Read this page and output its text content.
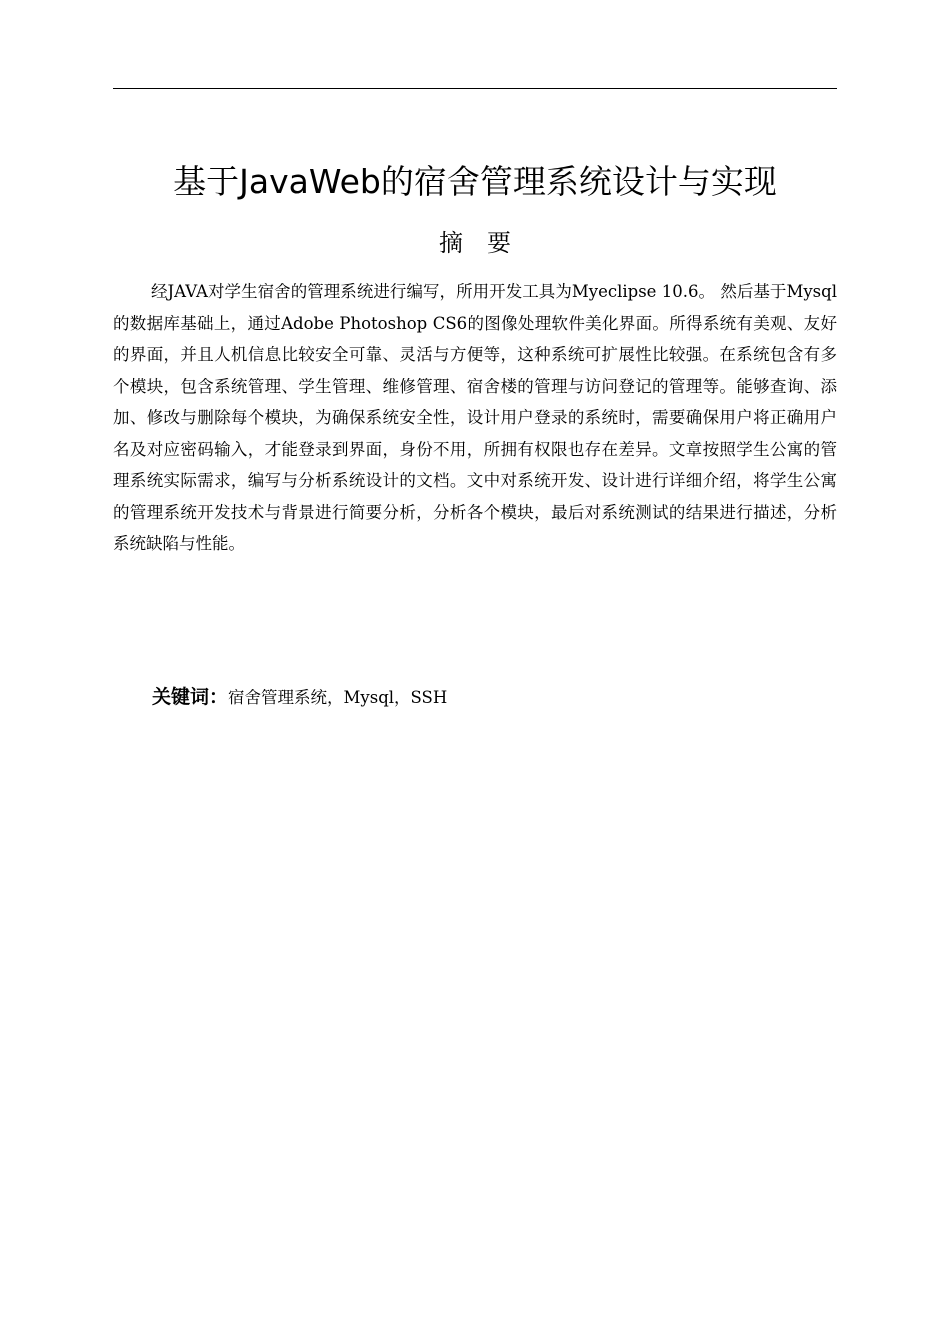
基于JavaWeb的宿舍管理系统设计与实现
摘要

经JAVA对学生宿舍的管理系统进行编写，所用开发工具为Myeclipse 10.6。 然后基于Mysql的数据库基础上，通过Adobe Photoshop CS6的图像处理软件美化界面。所得系统有美观、友好的界面，并且人机信息比较安全可靠、灵活与方便等，这种系统可扩展性比较强。在系统包含有多个模块，包含系统管理、学生管理、维修管理、宿舍楼的管理与访问登记的管理等。能够查询、添加、修改与删除每个模块，为确保系统安全性，设计用户登录的系统时，需要确保用户将正确用户名及对应密码输入，才能登录到界面，身份不用，所拥有权限也存在差异。文章按照学生公寓的管理系统实际需求，编写与分析系统设计的文档。文中对系统开发、设计进行详细介绍，将学生公寓的管理系统开发技术与背景进行简要分析，分析各个模块，最后对系统测试的结果进行描述，分析系统缺陷与性能。

关键词：宿舍管理系统，Mysql，SSH
